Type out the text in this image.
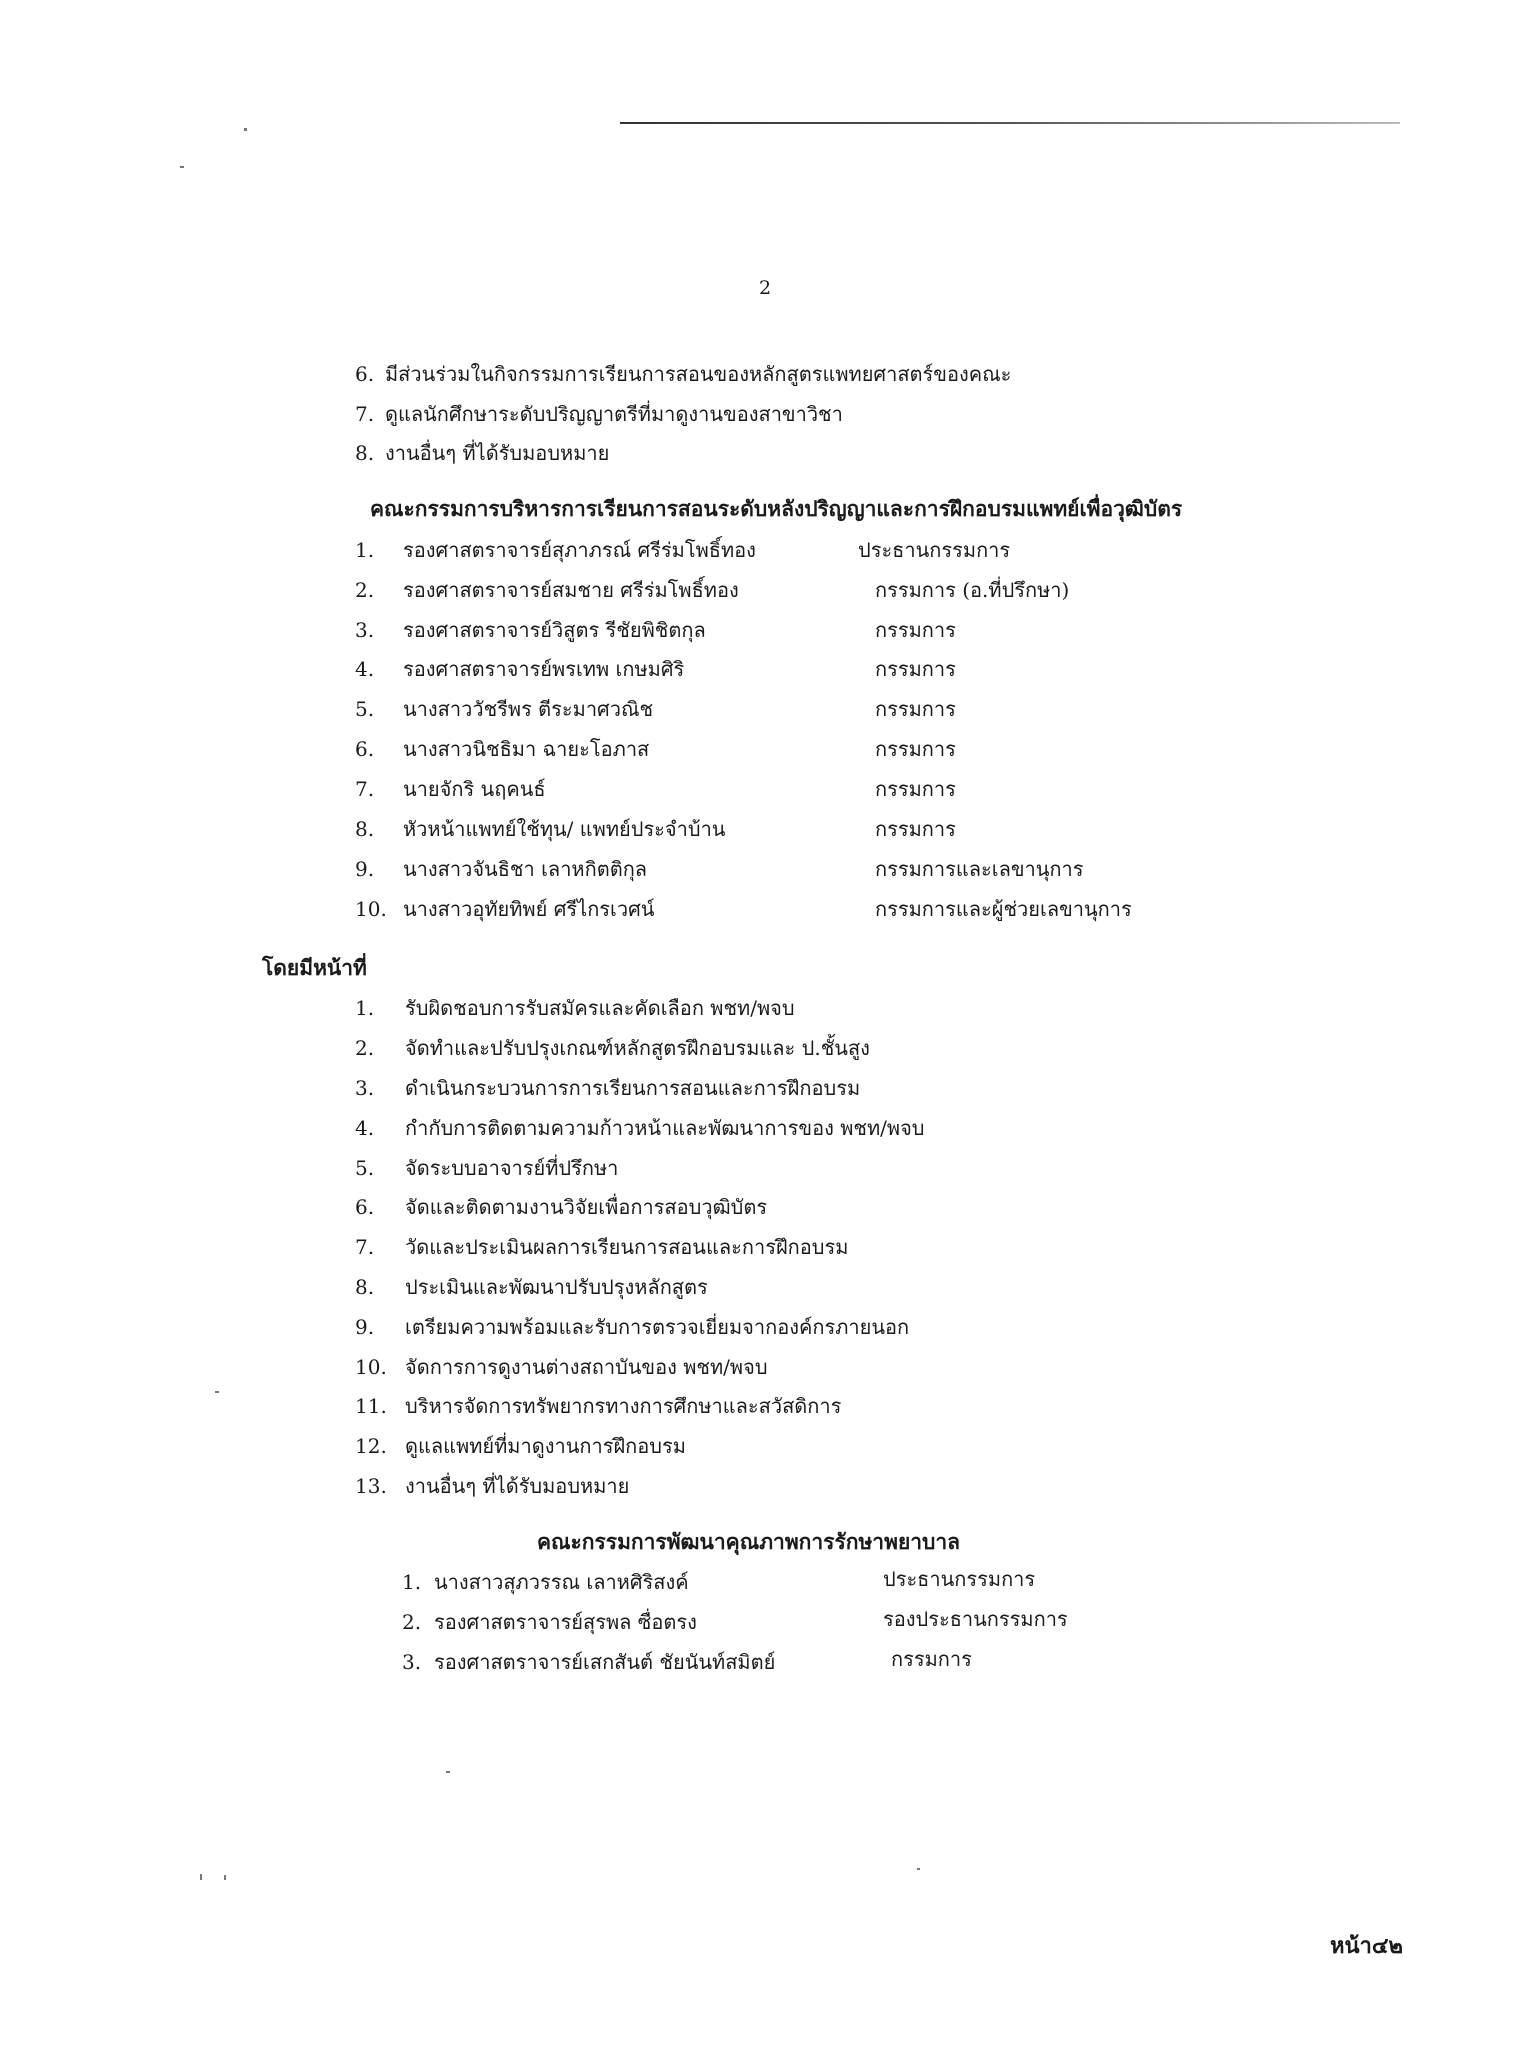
2
6. มีส่วนร่วมในกิจกรรมการเรียนการสอนของหลักสูตรแพทยศาสตร์ของคณะ
7. ดูแลนักศึกษาระดับปริญญาตรีที่มาดูงานของสาขาวิชา
8. งานอื่นๆ ที่ได้รับมอบหมาย
คณะกรรมการบริหารการเรียนการสอนระดับหลังปริญญาและการฝึกอบรมแพทย์เพื่อวุฒิบัตร
1. รองศาสตราจารย์สุภาภรณ์ ศรีร่มโพธิ์ทอง	ประธานกรรมการ
2. รองศาสตราจารย์สมชาย ศรีร่มโพธิ์ทอง	กรรมการ (อ.ที่ปรึกษา)
3. รองศาสตราจารย์วิสูตร รีชัยพิชิตกุล	กรรมการ
4. รองศาสตราจารย์พรเทพ เกษมศิริ	กรรมการ
5. นางสาววัชรีพร ตีระมาศวณิช	กรรมการ
6. นางสาวนิชธิมา ฉายะโอภาส	กรรมการ
7. นายจักริ นฤคนธ์	กรรมการ
8. หัวหน้าแพทย์ใช้ทุน/ แพทย์ประจำบ้าน	กรรมการ
9. นางสาวจันธิชา เลาหกิตติกุล	กรรมการและเลขานุการ
10. นางสาวอุทัยทิพย์ ศรีไกรเวศน์	กรรมการและผู้ช่วยเลขานุการ
โดยมีหน้าที่
1. รับผิดชอบการรับสมัครและคัดเลือก พชท/พจบ
2. จัดทำและปรับปรุงเกณฑ์หลักสูตรฝึกอบรมและ ป.ชั้นสูง
3. ดำเนินกระบวนการการเรียนการสอนและการฝึกอบรม
4. กำกับการติดตามความก้าวหน้าและพัฒนาการของ พชท/พจบ
5. จัดระบบอาจารย์ที่ปรึกษา
6. จัดและติดตามงานวิจัยเพื่อการสอบวุฒิบัตร
7. วัดและประเมินผลการเรียนการสอนและการฝึกอบรม
8. ประเมินและพัฒนาปรับปรุงหลักสูตร
9. เตรียมความพร้อมและรับการตรวจเยี่ยมจากองค์กรภายนอก
10. จัดการการดูงานต่างสถาบันของ พชท/พจบ
11. บริหารจัดการทรัพยากรทางการศึกษาและสวัสดิการ
12. ดูแลแพทย์ที่มาดูงานการฝึกอบรม
13. งานอื่นๆ ที่ได้รับมอบหมาย
คณะกรรมการพัฒนาคุณภาพการรักษาพยาบาล
1. นางสาวสุภวรรณ เลาหศิริสงค์	ประธานกรรมการ
2. รองศาสตราจารย์สุรพล ซื่อตรง	รองประธานกรรมการ
3. รองศาสตราจารย์เสกสันต์ ชัยนันท์สมิตย์	กรรมการ
หน้า๔๒
